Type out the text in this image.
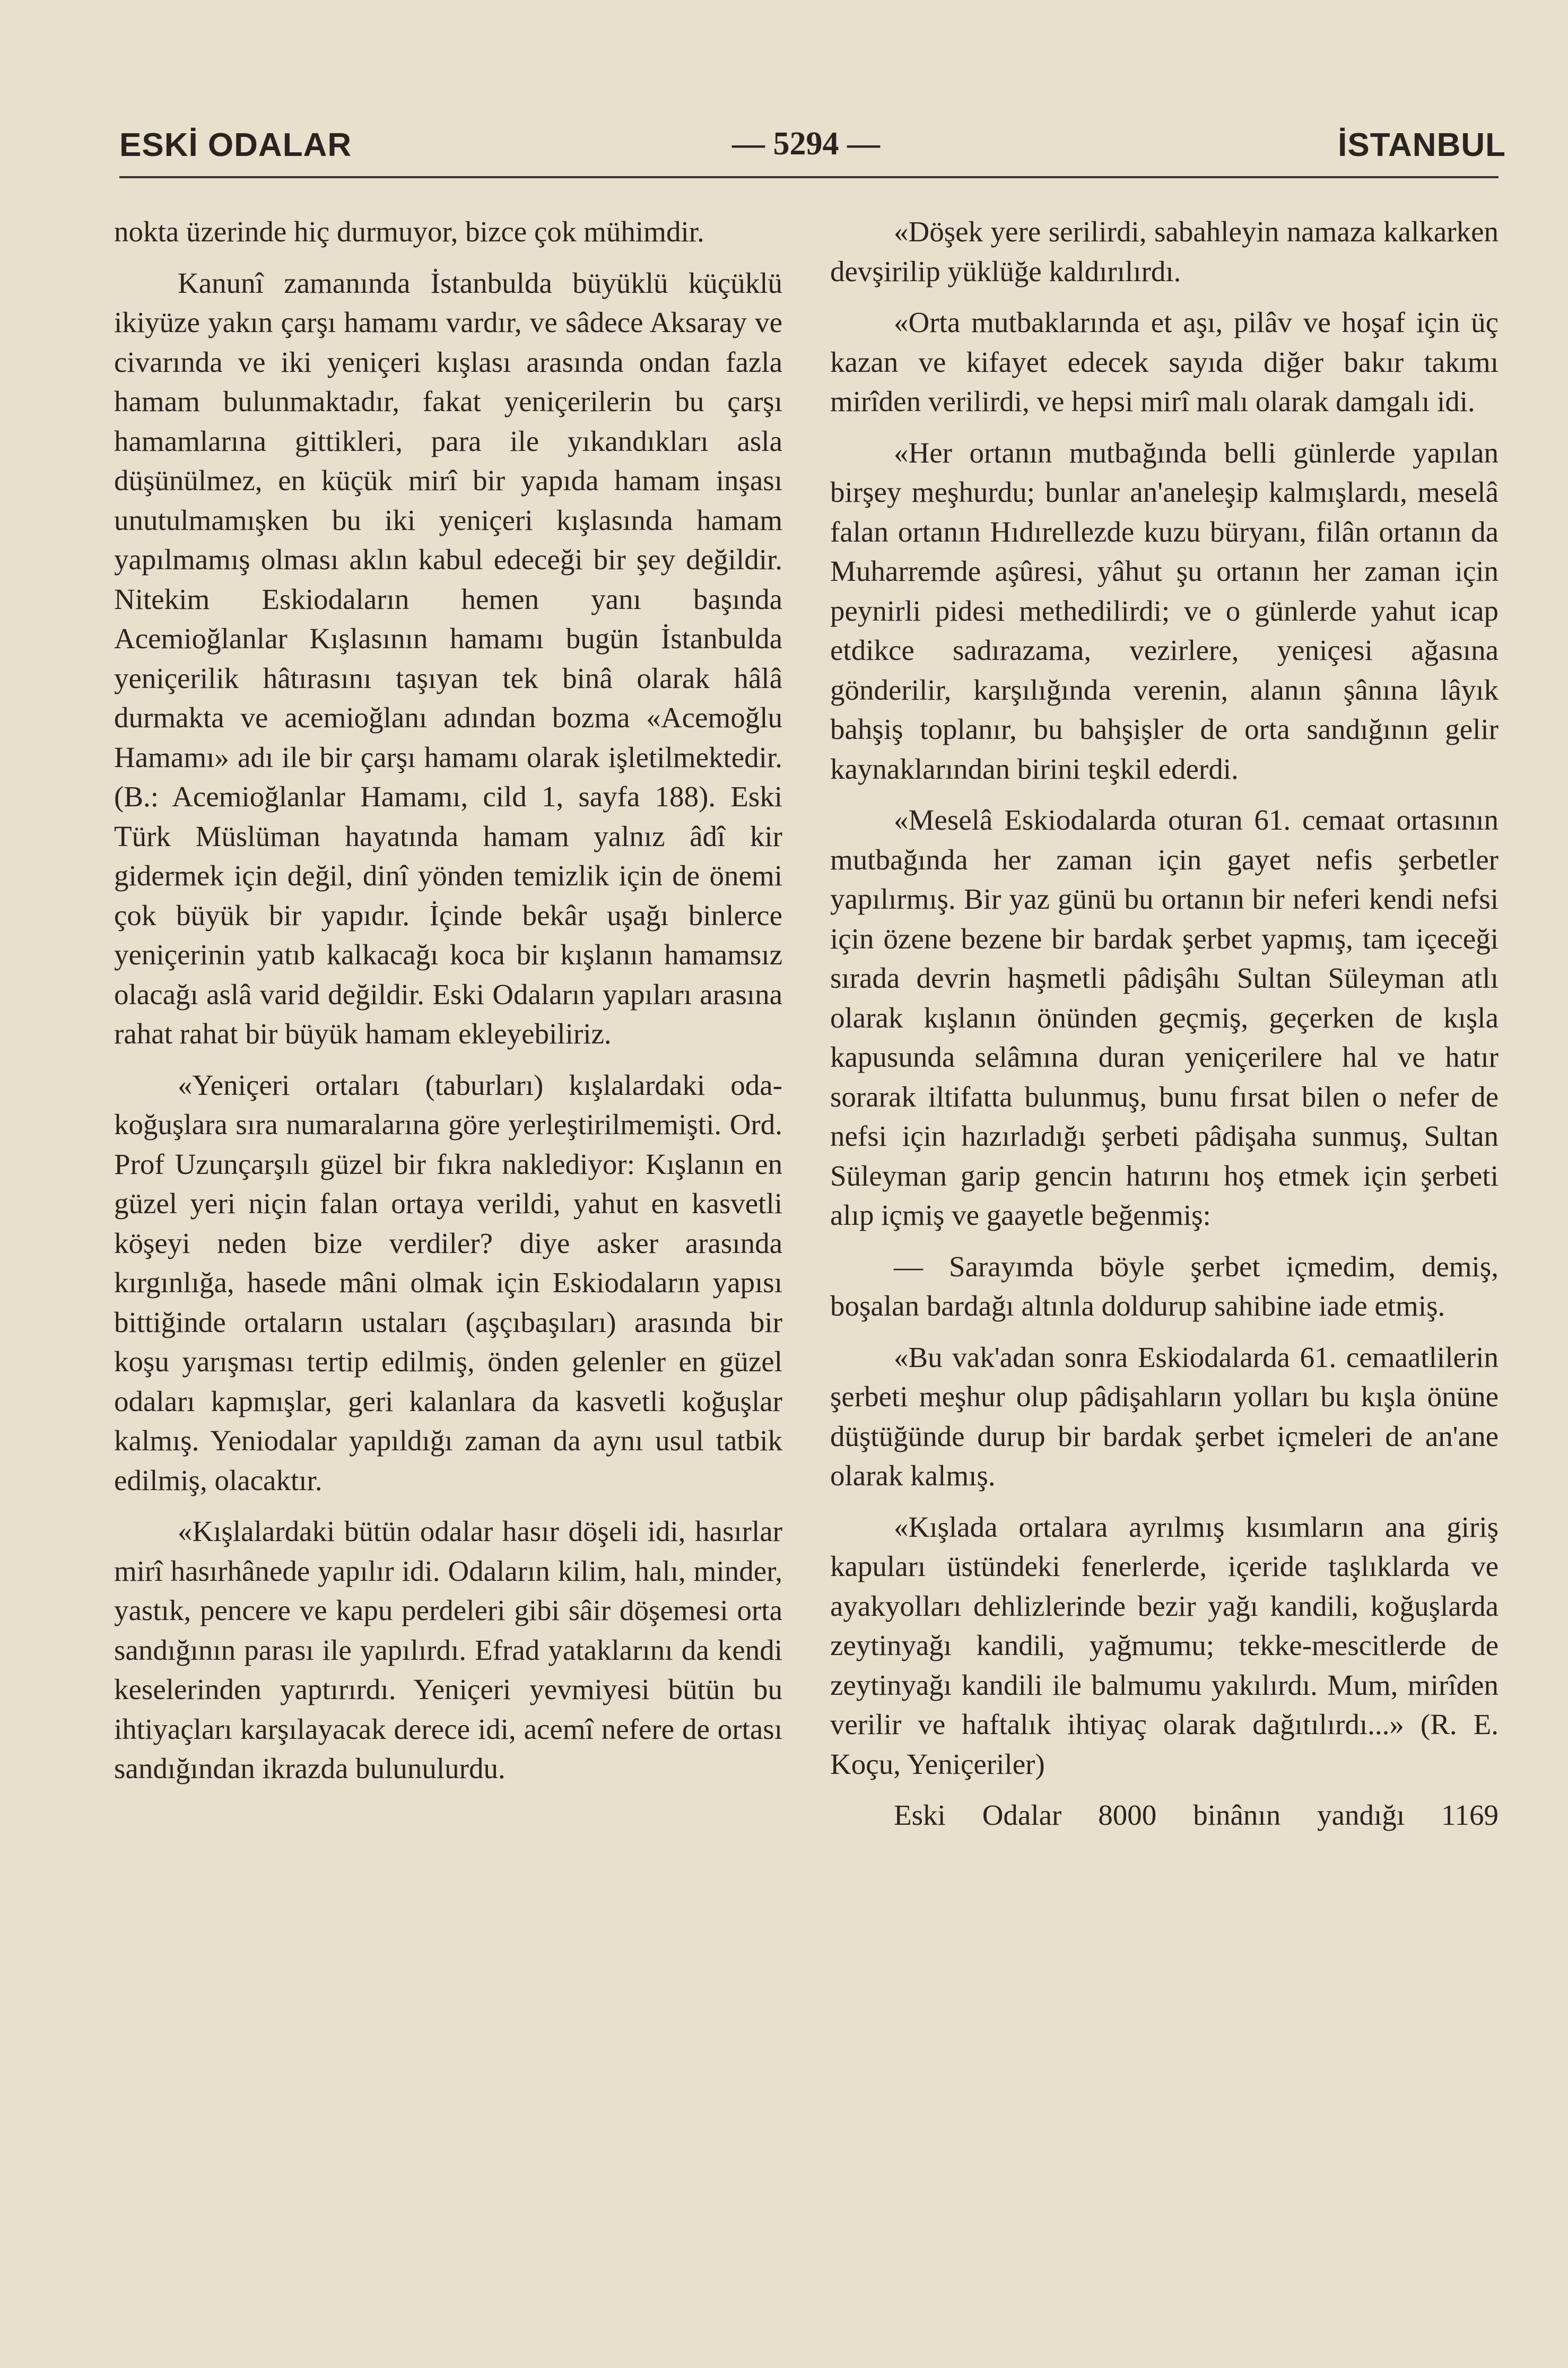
ESKİ ODALAR	— 5294 —	İSTANBUL

nokta üzerinde hiç durmuyor, bizce çok mühimdir.

Kanunî zamanında İstanbulda büyüklü küçüklü ikiyüze yakın çarşı hamamı vardır, ve sâdece Aksaray ve civarında ve iki yeniçeri kışlası arasında ondan fazla hamam bulunmaktadır, fakat yeniçerilerin bu çarşı hamamlarına gittikleri, para ile yıkandıkları asla düşünülmez, en küçük mirî bir yapıda hamam inşası unutulmamışken bu iki yeniçeri kışlasında hamam yapılmamış olması aklın kabul edeceği bir şey değildir. Nitekim Eskiodaların hemen yanı başında Acemioğlanlar Kışlasının hamamı bugün İstanbulda yeniçerilik hâtırasını taşıyan tek binâ olarak hâlâ durmakta ve acemioğlanı adından bozma «Acemoğlu Hamamı» adı ile bir çarşı hamamı olarak işletilmektedir. (B.: Acemioğlanlar Hamamı, cild 1, sayfa 188). Eski Türk Müslüman hayatında hamam yalnız âdî kir gidermek için değil, dinî yönden temizlik için de önemi çok büyük bir yapıdır. İçinde bekâr uşağı binlerce yeniçerinin yatıb kalkacağı koca bir kışlanın hamamsız olacağı aslâ varid değildir. Eski Odaların yapıları arasına rahat rahat bir büyük hamam ekleyebiliriz.

«Yeniçeri ortaları (taburları) kışlalardaki oda-koğuşlara sıra numaralarına göre yerleştirilmemişti. Ord. Prof Uzunçarşılı güzel bir fıkra naklediyor: Kışlanın en güzel yeri niçin falan ortaya verildi, yahut en kasvetli köşeyi neden bize verdiler? diye asker arasında kırgınlığa, hasede mâni olmak için Eskiodaların yapısı bittiğinde ortaların ustaları (aşçıbaşıları) arasında bir koşu yarışması tertip edilmiş, önden gelenler en güzel odaları kapmışlar, geri kalanlara da kasvetli koğuşlar kalmış. Yeniodalar yapıldığı zaman da aynı usul tatbik edilmiş, olacaktır.

«Kışlalardaki bütün odalar hasır döşeli idi, hasırlar mirî hasırhânede yapılır idi. Odaların kilim, halı, minder, yastık, pencere ve kapu perdeleri gibi sâir döşemesi orta sandığının parası ile yapılırdı. Efrad yataklarını da kendi keselerinden yaptırırdı. Yeniçeri yevmiyesi bütün bu ihtiyaçları karşılayacak derece idi, acemî nefere de ortası sandığından ikrazda bulunulurdu.

«Döşek yere serilirdi, sabahleyin namaza kalkarken devşirilip yüklüğe kaldırılırdı.

«Orta mutbaklarında et aşı, pilâv ve hoşaf için üç kazan ve kifayet edecek sayıda diğer bakır takımı mirîden verilirdi, ve hepsi mirî malı olarak damgalı idi.

«Her ortanın mutbağında belli günlerde yapılan birşey meşhurdu; bunlar an'aneleşip kalmışlardı, meselâ falan ortanın Hıdırellezde kuzu büryanı, filân ortanın da Muharremde aşûresi, yâhut şu ortanın her zaman için peynirli pidesi methedilirdi; ve o günlerde yahut icap etdikce sadırazama, vezirlere, yeniçesi ağasına gönderilir, karşılığında verenin, alanın şânına lâyık bahşiş toplanır, bu bahşişler de orta sandığının gelir kaynaklarından birini teşkil ederdi.

«Meselâ Eskiodalarda oturan 61. cemaat ortasının mutbağında her zaman için gayet nefis şerbetler yapılırmış. Bir yaz günü bu ortanın bir neferi kendi nefsi için özene bezene bir bardak şerbet yapmış, tam içeceği sırada devrin haşmetli pâdişâhı Sultan Süleyman atlı olarak kışlanın önünden geçmiş, geçerken de kışla kapusunda selâmına duran yeniçerilere hal ve hatır sorarak iltifatta bulunmuş, bunu fırsat bilen o nefer de nefsi için hazırladığı şerbeti pâdişaha sunmuş, Sultan Süleyman garip gencin hatırını hoş etmek için şerbeti alıp içmiş ve gaayetle beğenmiş:

— Sarayımda böyle şerbet içmedim, demiş, boşalan bardağı altınla doldurup sahibine iade etmiş.

«Bu vak'adan sonra Eskiodalarda 61. cemaatlilerin şerbeti meşhur olup pâdişahların yolları bu kışla önüne düştüğünde durup bir bardak şerbet içmeleri de an'ane olarak kalmış.

«Kışlada ortalara ayrılmış kısımların ana giriş kapuları üstündeki fenerlerde, içeride taşlıklarda ve ayakyolları dehlizlerinde bezir yağı kandili, koğuşlarda zeytinyağı kandili, yağmumu; tekke-mescitlerde de zeytinyağı kandili ile balmumu yakılırdı. Mum, mirîden verilir ve haftalık ihtiyaç olarak dağıtılırdı...» (R. E. Koçu, Yeniçeriler)

Eski Odalar 8000 binânın yandığı 1169
